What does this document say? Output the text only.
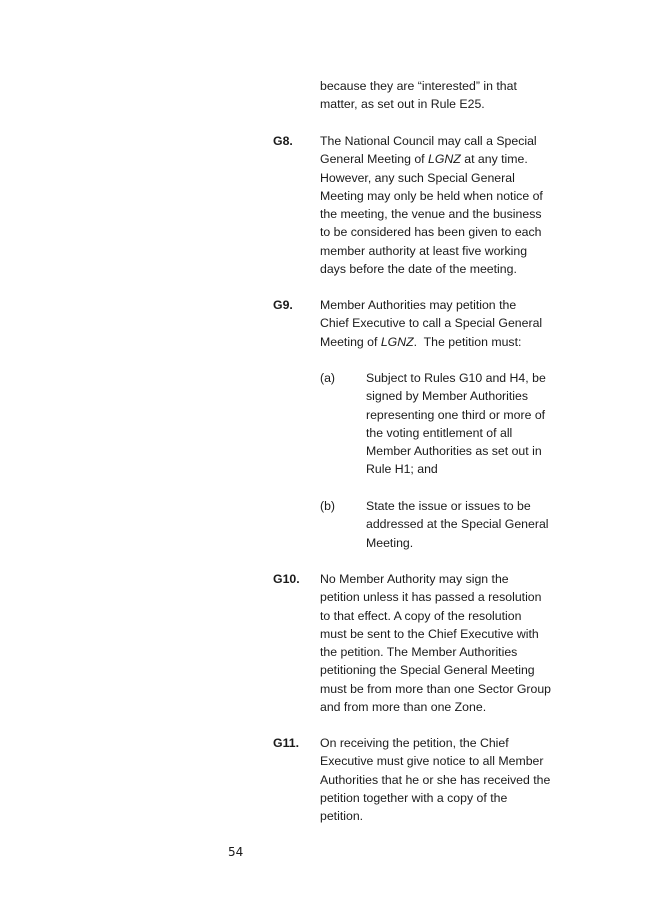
because they are “interested” in that
matter, as set out in Rule E25.
G8. The National Council may call a Special
General Meeting of LGNZ at any time.
However, any such Special General
Meeting may only be held when notice of
the meeting, the venue and the business
to be considered has been given to each
member authority at least five working
days before the date of the meeting.
G9. Member Authorities may petition the
Chief Executive to call a Special General
Meeting of LGNZ.  The petition must:
(a)	Subject to Rules G10 and H4, be
signed by Member Authorities
representing one third or more of
the voting entitlement of all
Member Authorities as set out in
Rule H1; and
(b)	State the issue or issues to be
addressed at the Special General
Meeting.
G10. No Member Authority may sign the
petition unless it has passed a resolution
to that effect. A copy of the resolution
must be sent to the Chief Executive with
the petition. The Member Authorities
petitioning the Special General Meeting
must be from more than one Sector Group
and from more than one Zone.
G11. On receiving the petition, the Chief
Executive must give notice to all Member
Authorities that he or she has received the
petition together with a copy of the
petition.
54
